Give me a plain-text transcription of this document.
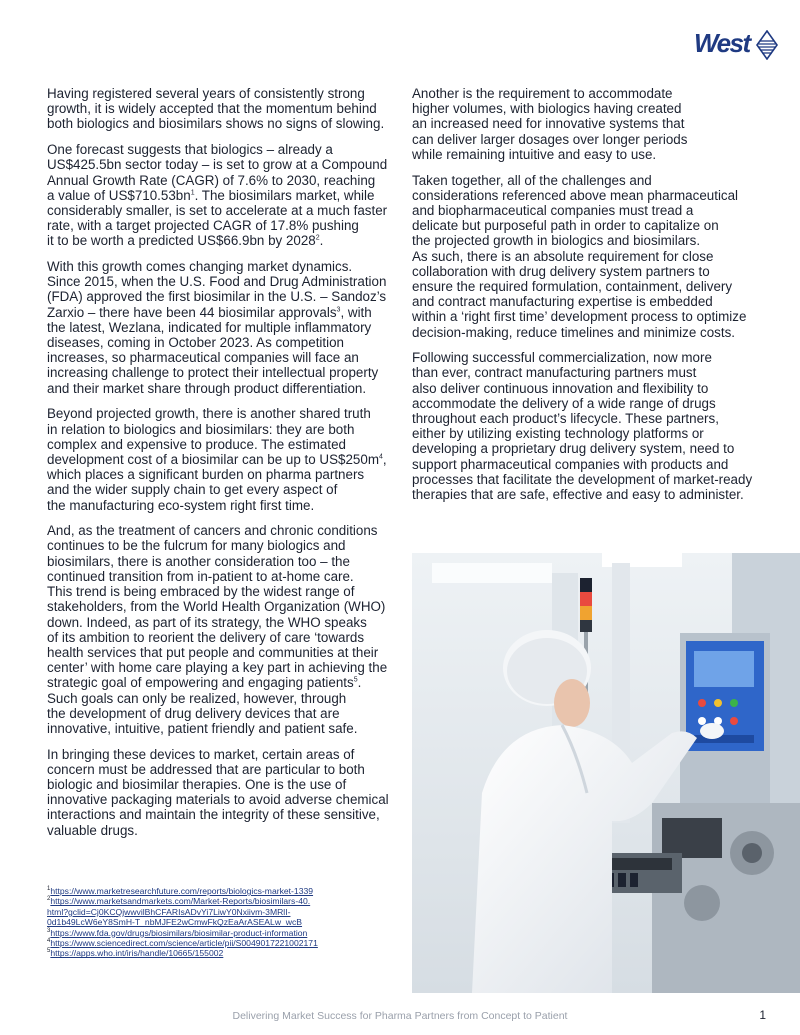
West

Having registered several years of consistently strong
growth, it is widely accepted that the momentum behind
both biologics and biosimilars shows no signs of slowing.

One forecast suggests that biologics – already a
US$425.5bn sector today – is set to grow at a Compound
Annual Growth Rate (CAGR) of 7.6% to 2030, reaching
a value of $US\$710.53bn^1$. The biosimilars market, while
considerably smaller, is set to accelerate at a much faster
rate, with a target projected CAGR of 17.8% pushing
it to be worth a predicted US$66.9bn by 2028$^2$.

With this growth comes changing market dynamics.
Since 2015, when the U.S. Food and Drug Administration
(FDA) approved the first biosimilar in the U.S. – Sandoz’s
Zarxio – there have been 44 biosimilar approvals$^3$, with
the latest, Wezlana, indicated for multiple inflammatory
diseases, coming in October 2023. As competition
increases, so pharmaceutical companies will face an
increasing challenge to protect their intellectual property
and their market share through product differentiation.

Beyond projected growth, there is another shared truth
in relation to biologics and biosimilars: they are both
complex and expensive to produce. The estimated
development cost of a biosimilar can be up to $US\$250m^4$,
which places a significant burden on pharma partners
and the wider supply chain to get every aspect of
the manufacturing eco-system right first time.

And, as the treatment of cancers and chronic conditions
continues to be the fulcrum for many biologics and
biosimilars, there is another consideration too – the
continued transition from in-patient to at-home care.
This trend is being embraced by the widest range of
stakeholders, from the World Health Organization (WHO)
down. Indeed, as part of its strategy, the WHO speaks
of its ambition to reorient the delivery of care ‘towards
health services that put people and communities at their
center’ with home care playing a key part in achieving the
strategic goal of empowering and engaging patients$^5$.
Such goals can only be realized, however, through
the development of drug delivery devices that are
innovative, intuitive, patient friendly and patient safe.

In bringing these devices to market, certain areas of
concern must be addressed that are particular to both
biologic and biosimilar therapies. One is the use of
innovative packaging materials to avoid adverse chemical
interactions and maintain the integrity of these sensitive,
valuable drugs.

Another is the requirement to accommodate
higher volumes, with biologics having created
an increased need for innovative systems that
can deliver larger dosages over longer periods
while remaining intuitive and easy to use.

Taken together, all of the challenges and
considerations referenced above mean pharmaceutical
and biopharmaceutical companies must tread a
delicate but purposeful path in order to capitalize on
the projected growth in biologics and biosimilars.
As such, there is an absolute requirement for close
collaboration with drug delivery system partners to
ensure the required formulation, containment, delivery
and contract manufacturing expertise is embedded
within a ‘right first time’ development process to optimize
decision-making, reduce timelines and minimize costs.

Following successful commercialization, now more
than ever, contract manufacturing partners must
also deliver continuous innovation and flexibility to
accommodate the delivery of a wide range of drugs
throughout each product’s lifecycle. These partners,
either by utilizing existing technology platforms or
developing a proprietary drug delivery system, need to
support pharmaceutical companies with products and
processes that facilitate the development of market-ready
therapies that are safe, effective and easy to administer.

$^1$https://www.marketresearchfuture.com/reports/biologics-market-1339
$^2$https://www.marketsandmarkets.com/Market-Reports/biosimilars-40.
html?gclid=Cj0KCQjwwvilBhCFARIsADvYi7LiwY0Nxiivm-3MRlI-
0d1b49LcW6eY8SmH-T_nbMJFE2wCmwFkQzEaArASEALw_wcB
$^3$https://www.fda.gov/drugs/biosimilars/biosimilar-product-information
$^4$https://www.sciencedirect.com/science/article/pii/S0049017221002171
$^5$https://apps.who.int/iris/handle/10665/155002
Delivering Market Success for Pharma Partners from Concept to Patient	1
